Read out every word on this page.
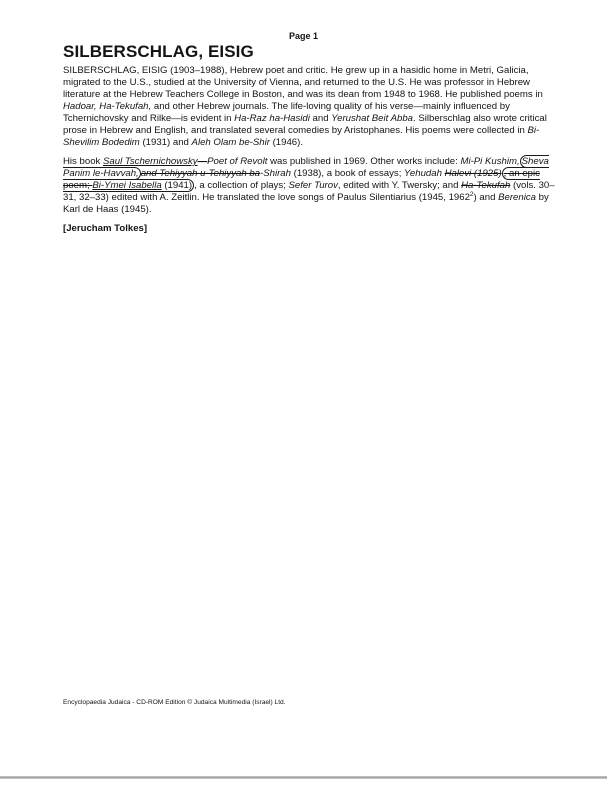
Page 1
SILBERSCHLAG, EISIG

SILBERSCHLAG, EISIG (1903–1988), Hebrew poet and critic. He grew up in a hasidic home in Metri, Galicia, migrated to the U.S., studied at the University of Vienna, and returned to the U.S. He was professor in Hebrew literature at the Hebrew Teachers College in Boston, and was its dean from 1948 to 1968. He published poems in Hadoar, Ha-Tekufah, and other Hebrew journals. The life-loving quality of his verse—mainly influenced by Tchernichovsky and Rilke—is evident in Ha-Raz ha-Hasidi and Yerushat Beit Abba. Silberschlag also wrote critical prose in Hebrew and English, and translated several comedies by Aristophanes. His poems were collected in Bi-Shevilim Bodedim (1931) and Aleh Olam be-Shir (1946).

His book Saul Tschernichowsky—Poet of Revolt was published in 1969. Other works include: Mi-Pi Kushim, Sheva Panim le-Havvah, and Tehiyyah u-Tehiyyah ba-Shirah (1938), a book of essays; Yehudah Halevi (1925) , an epic poem; Bi-Ymei Isabella (1941) , a collection of plays; Sefer Turov, edited with Y. Twersky; and Ha-Tekufah (vols. 30–31, 32–33) edited with A. Zeitlin. He translated the love songs of Paulus Silentiarius (1945, 1962$^2$) and Berenica by Karl de Haas (1945).

[Jerucham Tolkes]
Encyclopaedia Judaica - CD-ROM Edition © Judaica Multimedia (Israel) Ltd.
